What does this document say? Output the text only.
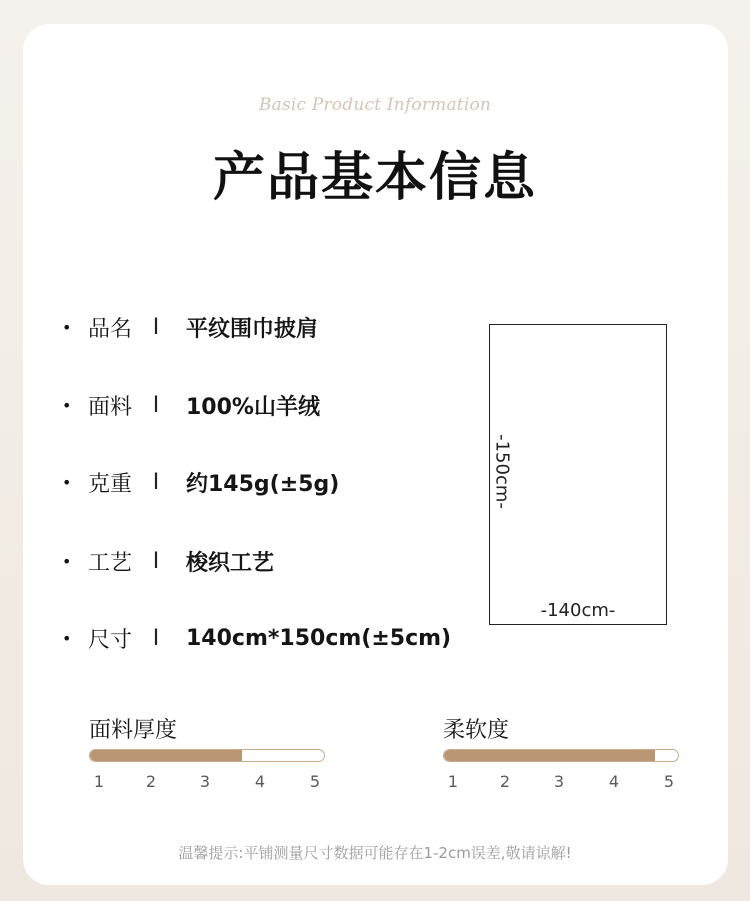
Basic Product Information
产品基本信息
• 品名 I 平纹围巾披肩
• 面料 I 100%山羊绒
• 克重 I 约145g(±5g)
• 工艺 I 梭织工艺
• 尺寸 I 140cm*150cm(±5cm)
-150cm-
-140cm-
面料厚度
1	2	3	4	5
柔软度
1	2	3	4	5
温馨提示:平铺测量尺寸数据可能存在1-2cm误差,敬请谅解!
